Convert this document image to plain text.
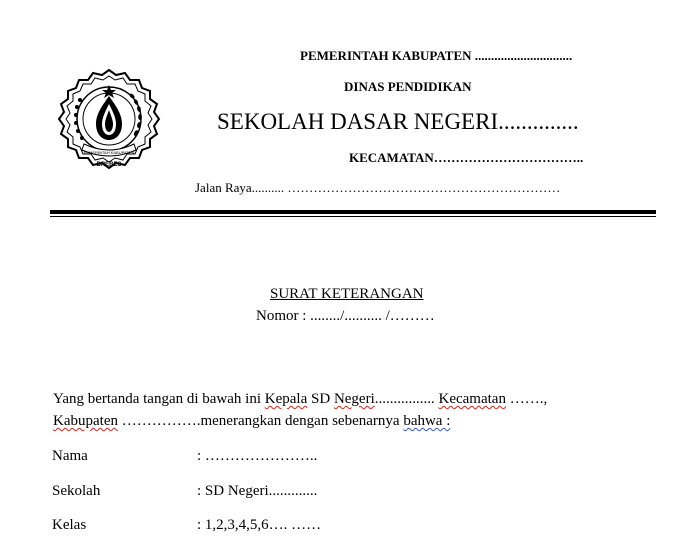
PEMERINTAH KABUPATEN
BREBES
PEMERINTAH KABUPATEN ..............................
DINAS PENDIDIKAN
SEKOLAH DASAR NEGERI..............
KECAMATAN……………………………..
Jalan Raya.......... ………………………………………………………
SURAT KETERANGAN
Nomor : ......../.......... /………
Yang bertanda tangan di bawah ini Kepala SD Negeri................ Kecamatan …….,
Kabupaten …………….menerangkan dengan sebenarnya bahwa :
Nama	: …………………..
Sekolah	: SD Negeri.............
Kelas	: 1,2,3,4,5,6…. ……
